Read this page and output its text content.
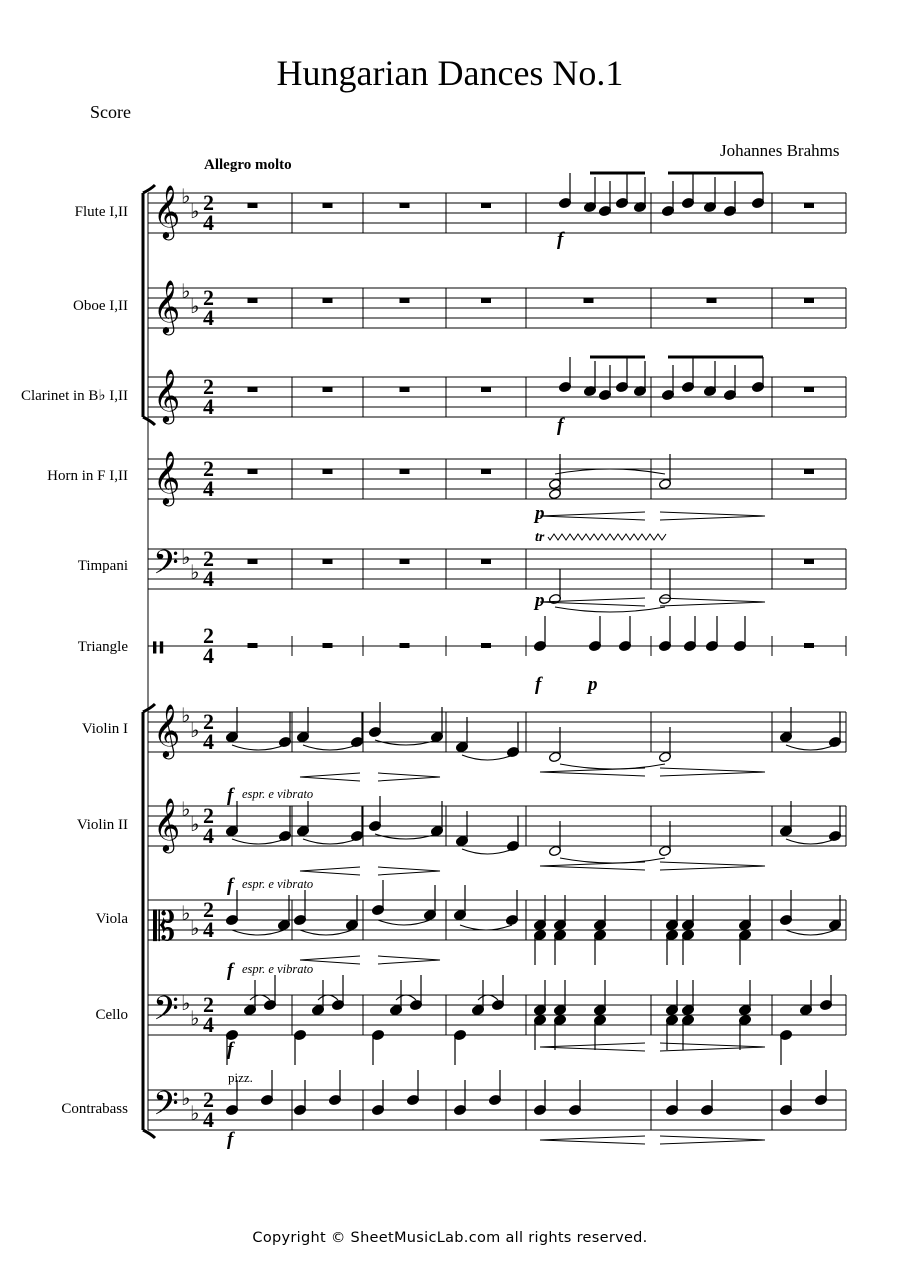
Hungarian Dances No.1
Score
Johannes Brahms
Allegro molto
Flute I,II
Oboe I,II
Clarinet in B♭ I,II
Horn in F I,II
Timpani
Triangle
Violin I
Violin II
Viola
Cello
Contrabass
𝄞 ♭
♭ 2
4
𝄞 ♭
♭ 2
4
𝄞 2
4
𝄞 2
4
𝄢 ♭
♭
2
4
𝄥 2
4
𝄞 ♭
♭ 2
4
𝄞 ♭
♭ 2
4
𝄡 ♭
♭
2
4
𝄢 ♭
♭
2
4
𝄢 ♭
♭
2
4
f
f
p
p
f p
f espr. e vibrato
f espr. e vibrato
f espr. e vibrato
f
pizz.
f
tr
Copyright © SheetMusicLab.com all rights reserved.
